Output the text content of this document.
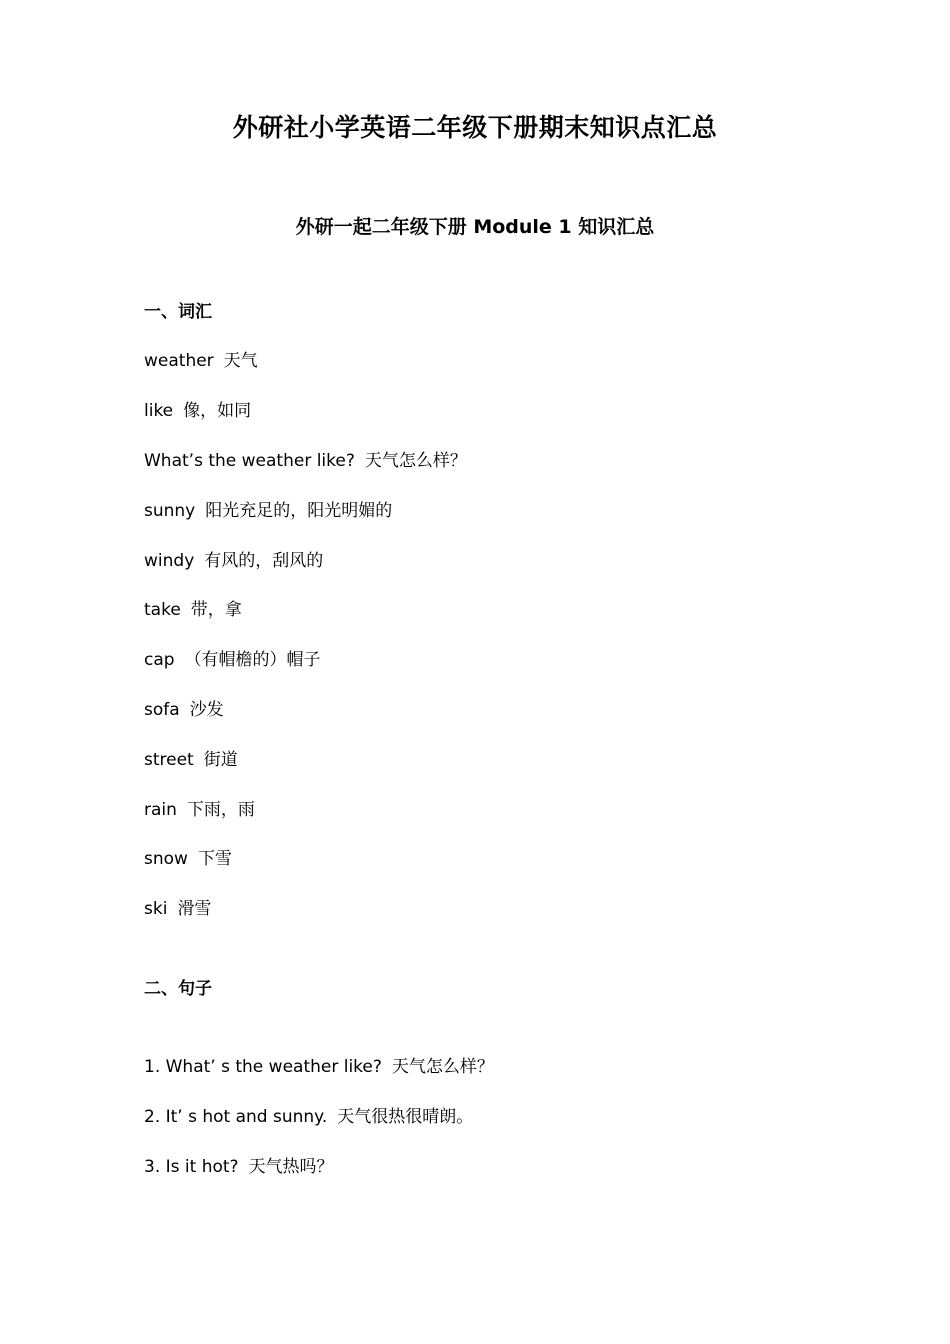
外研社小学英语二年级下册期末知识点汇总
外研一起二年级下册 Module 1 知识汇总
一、词汇
weather 天气
like 像，如同
What’s the weather like? 天气怎么样？
sunny 阳光充足的，阳光明媚的
windy 有风的，刮风的
take 带，拿
cap （有帽檐的）帽子
sofa 沙发
street 街道
rain 下雨，雨
snow 下雪
ski 滑雪
二、句子
1. What’ s the weather like? 天气怎么样？
2. It’ s hot and sunny. 天气很热很晴朗。
3. Is it hot? 天气热吗？
